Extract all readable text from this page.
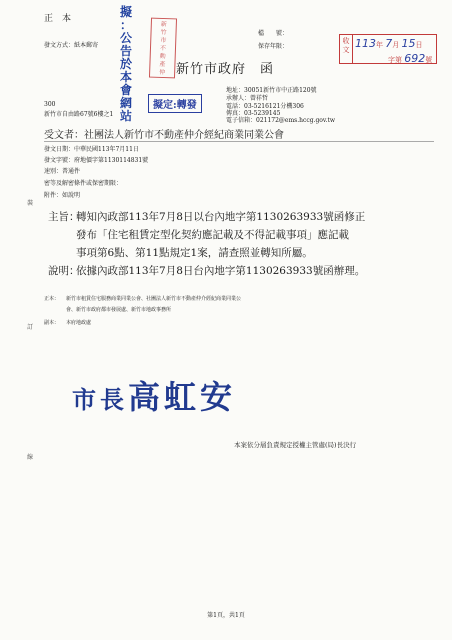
裝
訂
線
正　本
發文方式：紙本郵寄
檔　　號：
保存年限：
擬
：
公
告
於
本
會
網
站
新
竹
市
不
動
產
仲 新竹市政府　函
收
文 113年 7月 15日
字第 692號
地址：30051新竹市中正路120號
承辦人：曾祥哲
電話：03-5216121分機306
傳真：03-5239145
電子信箱：021172@ems.hccg.gov.tw
300
新竹市自由路67號6樓之1
擬定:轉發
受文者：社團法人新竹市不動產仲介經紀商業同業公會
發文日期：中華民國113年7月11日
發文字號：府地價字第1130114831號
速別：普通件
密等及解密條件或保密期限：
附件：如說明
主旨：
轉知內政部113年7月8日以台內地字第1130263933號函修正
發布「住宅租賃定型化契約應記載及不得記載事項」應記載
事項第6點、第11點規定1案，請查照並轉知所屬。
說明：
依據內政部113年7月8日台內地字第1130263933號函辦理。
正本： 新竹市租賃住宅服務商業同業公會、社團法人新竹市不動產仲介經紀商業同業公
會、新竹市政府都市發展處、新竹市地政事務所
副本： 本府地政處
市長高虹安
本案依分層負責規定授權主管處(局)長決行
第1頁，共1頁
